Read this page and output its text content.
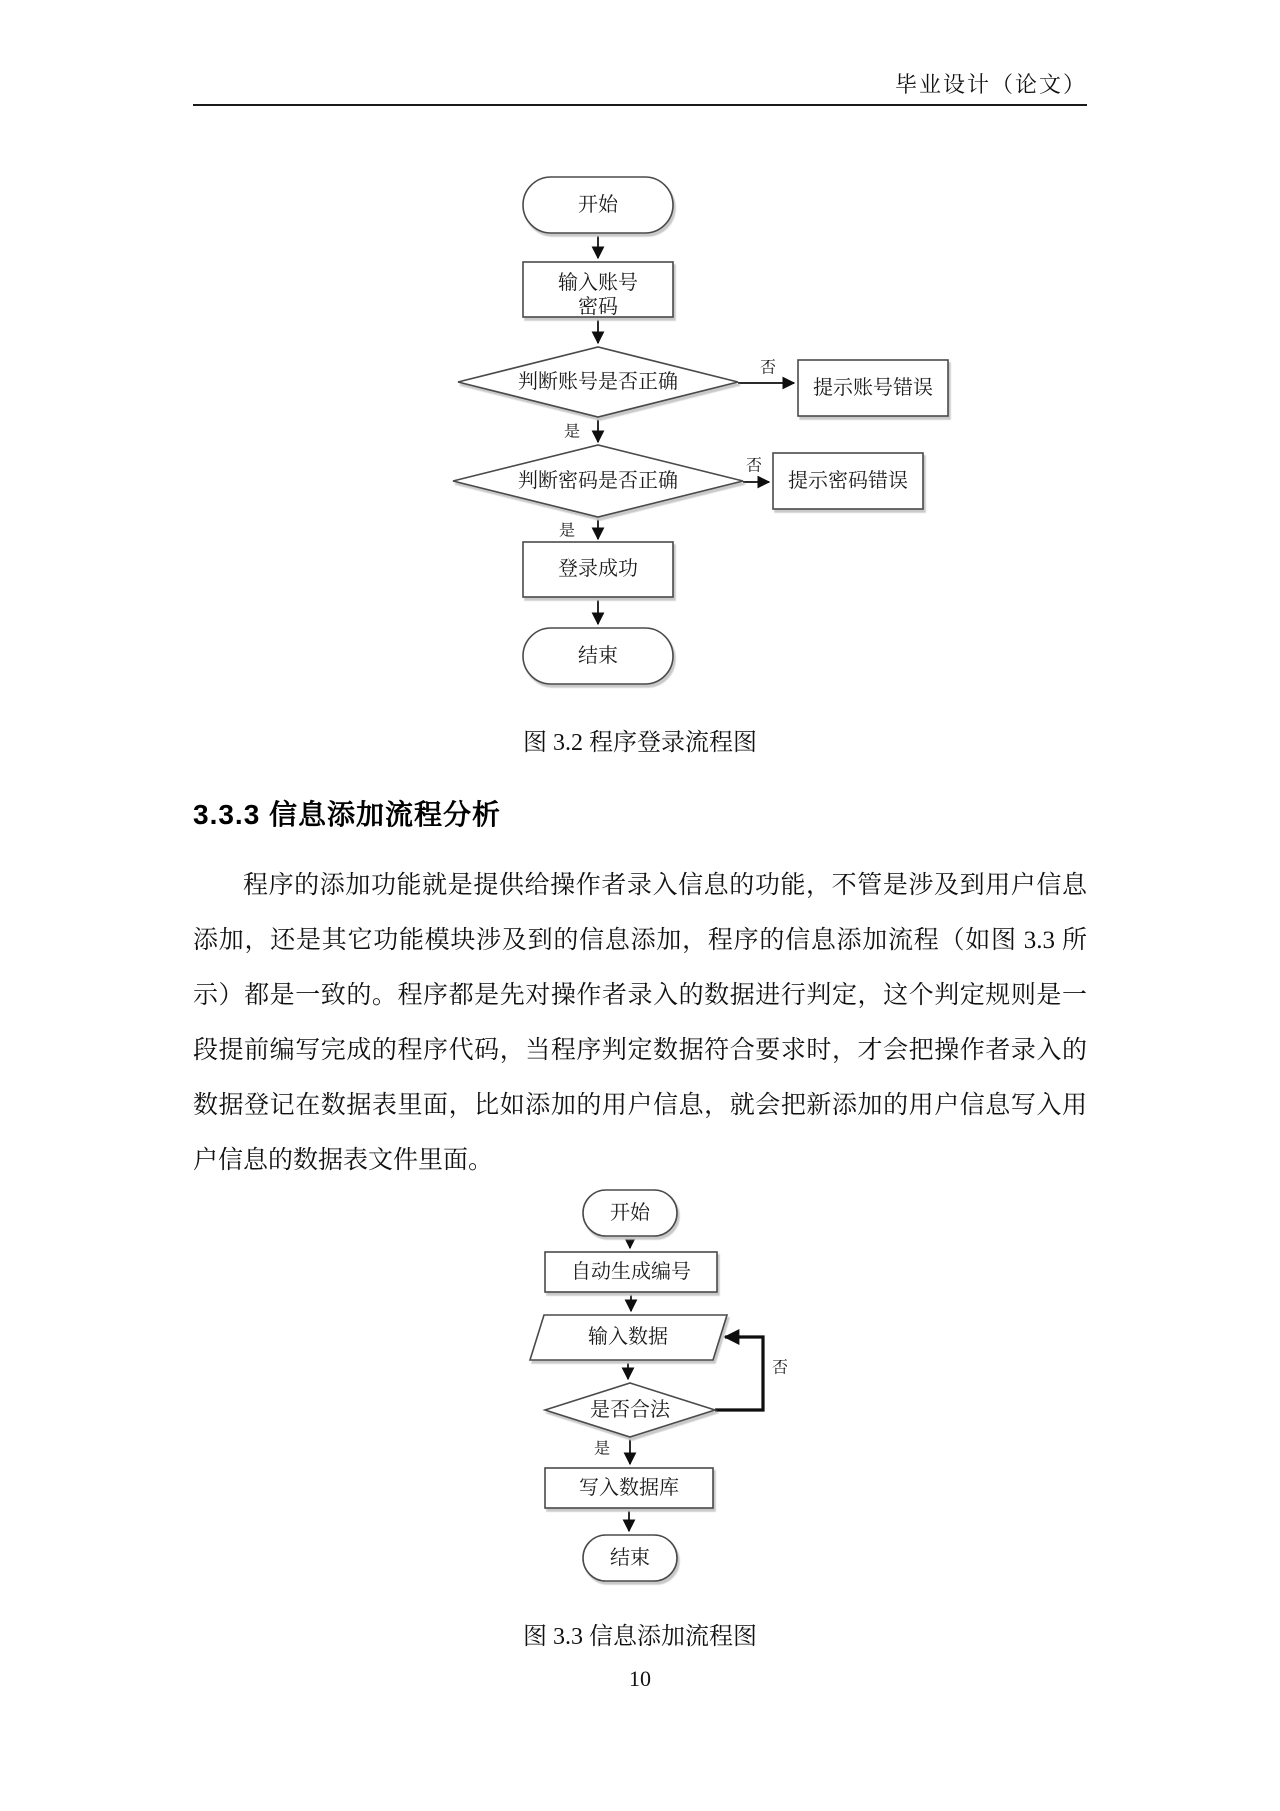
毕业设计（论文）
开始
输入账号
密码
判断账号是否正确
否
是
提示账号错误
判断密码是否正确
否
是
提示密码错误
登录成功
结束
图 3.2 程序登录流程图
3.3.3 信息添加流程分析
程序的添加功能就是提供给操作者录入信息的功能，不管是涉及到用户信息添加，还是其它功能模块涉及到的信息添加，程序的信息添加流程（如图 3.3 所示）都是一致的。程序都是先对操作者录入的数据进行判定，这个判定规则是一段提前编写完成的程序代码，当程序判定数据符合要求时，才会把操作者录入的数据登记在数据表里面，比如添加的用户信息，就会把新添加的用户信息写入用户信息的数据表文件里面。
开始
自动生成编号
输入数据
是否合法
是
否
写入数据库
结束
图 3.3 信息添加流程图
10
